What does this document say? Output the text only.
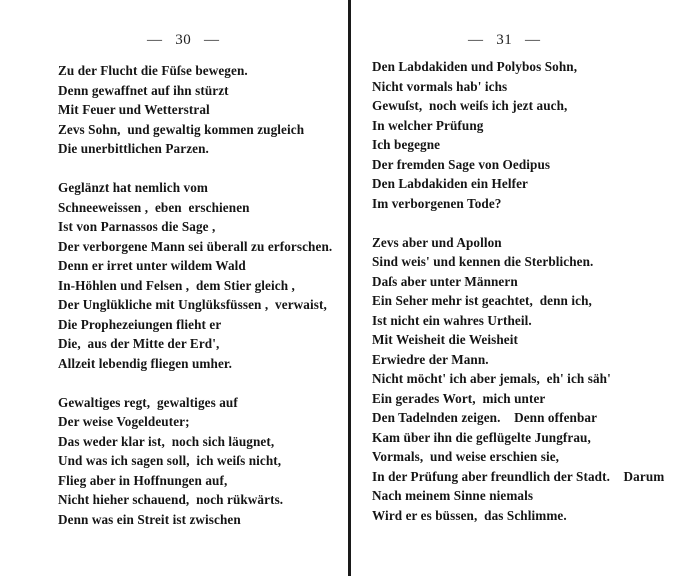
—   30   —
Zu der Flucht die Füſse bewegen.
Denn gewaffnet auf ihn stürzt
Mit Feuer und Wetterstral
Zevs Sohn,  und gewaltig kommen zugleich
Die unerbittlichen Parzen.
Geglänzt hat nemlich vom
Schneeweissen ,  eben  erschienen
Ist von Parnassos die Sage ,
Der verborgene Mann sei überall zu erforschen.
Denn er irret unter wildem Wald
In-Höhlen und Felsen ,  dem Stier gleich ,
Der Unglükliche mit Unglüksfüssen ,  verwaist,
Die Prophezeiungen flieht er
Die,  aus der Mitte der Erd',
Allzeit lebendig fliegen umher.
Gewaltiges regt,  gewaltiges auf
Der weise Vogeldeuter;
Das weder klar ist,  noch sich läugnet,
Und was ich sagen soll,  ich weiſs nicht,
Flieg aber in Hoffnungen auf,
Nicht hieher schauend,  noch rükwärts.
Denn was ein Streit ist zwischen
—   31   —
Den Labdakiden und Polybos Sohn,
Nicht vormals hab' ichs
Gewuſst,  noch weiſs ich jezt auch,
In welcher Prüfung
Ich begegne
Der fremden Sage von Oedipus
Den Labdakiden ein Helfer
Im verborgenen Tode?
Zevs aber und Apollon
Sind weis' und kennen die Sterblichen.
Daſs aber unter Männern
Ein Seher mehr ist geachtet,  denn ich,
Ist nicht ein wahres Urtheil.
Mit Weisheit die Weisheit
Erwiedre der Mann.
Nicht möcht' ich aber jemals,  eh' ich säh'
Ein gerades Wort,  mich unter
Den Tadelnden zeigen.    Denn offenbar
Kam über ihn die geflügelte Jungfrau,
Vormals,  und weise erschien sie,
In der Prüfung aber freundlich der Stadt.    Darum
Nach meinem Sinne niemals
Wird er es büssen,  das Schlimme.
